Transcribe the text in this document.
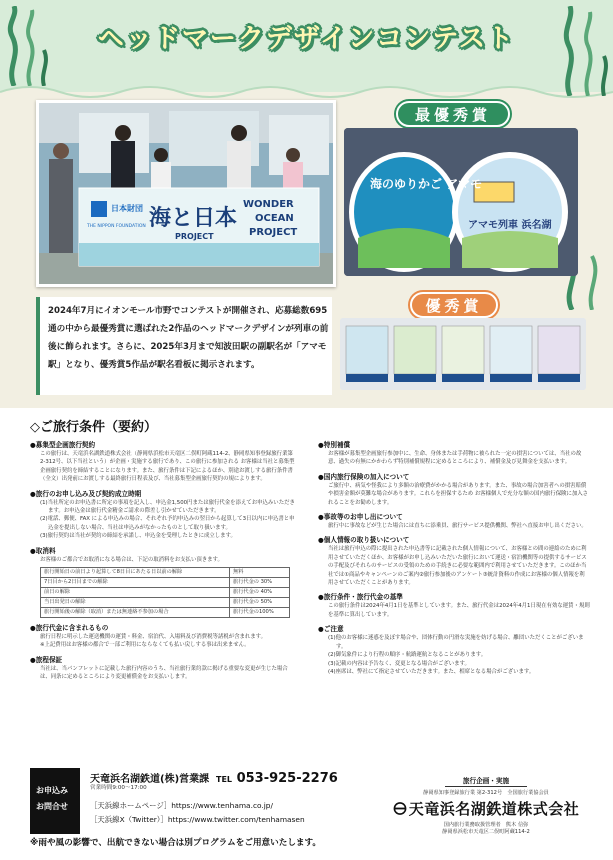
ヘッドマークデザインコンテスト
日本財団
THE NIPPON FOUNDATION 海と日本
PROJECT
WONDER
OCEAN
PROJECT
最優秀賞
海のゆりかご アマモ
アマモ列車 浜名湖
優秀賞

2024年7月にイオンモール市野でコンテストが開催され、応募総数695通の中から最優秀賞に選ばれた2作品のヘッドマークデザインが列車の前後に飾られます。さらに、2025年3月まで知波田駅の副駅名が「アマモ駅」となり、優秀賞5作品が駅名看板に掲示されます。

◇ご旅行条件（要約）
●募集型企画旅行契約
この旅行は、天竜浜名湖鉄道株式会社（静岡県浜松市天竜区二俣町阿蔵114-2、静岡県知事登録旅行業第2-312号、以下当社という）が企画・実施する旅行であり、この旅行に参加される お客様は当社と募集型企画旅行契約を締結することになります。また、旅行条件は下記によるほか、別途お渡しする旅行条件書（全文）出発前にお渡しする最終旅行日程表及び、当社募集型企画旅行契約の規によります。
●旅行のお申し込み及び契約成立時期
(1)当社所定のお申込書に所定の事項を記入し、申込金1,500円または旅行代金を添えてお申込みいただきます。お申込金は旅行代金精金ご請求の際差し引かせていただきます。
(2)電話、郵便、FAX による申込みの場合、それぞれ予約申込みの翌日から起算して3日以内に申込書と申込金を提出しない場合、当社は申込みがなかったものとして取り扱います。
(3)旅行契約は当社が契約の締結を承諾し、申込金を受理したときに成立します。
●取消料
お客様のご都合でお取消になる場合は、下記の取消料をお支払い頂きます。
旅行開始日の前日より起算して8日目にあたる日以前の解除	無料
7日目から2日目までの解除	旅行代金の 30%
前日の解除	旅行代金の 40%
当日出発日の解除	旅行代金の 50%
旅行開始後の解除（取消）または無連絡不参加の場合	旅行代金の100%
●旅行代金に含まれるもの
旅行日程に明示した運送機関の運賃・料金、宿泊代、入場料及び消費税等諸税が含まれます。
※上記費用はお客様の都合で一部ご利用にならなくても払い戻しする事は出来ません。
●旅程保証
当社は、当パンフレットに記載した旅行内容のうち、当社旅行業約款に掲げる重要な変更が生じた場合は、同条に定めるところにより変更補償金をお支払いします。
●特別補償
お客様が募集型企画旅行参加中に、生命、身体または手荷物に被られた一定の損害については、当社の故意、過失の有無にかかわらず特別補償規程に定めるところにより、補償金及び見舞金を支払います。
●国内旅行保険の加入について
ご旅行中、病気や怪我により多額の治療費がかかる場合があります。また、事故の場合加害者への損害賠償や損害金額が莫難な場合があります。これらを担保するため お客様個人で充分な額の国内旅行保険に加入されることをお勧めします。
●事故等のお申し出について
旅行中に事故などが生じた場合には直ちに添乗員、旅行サービス提供機関、弊社へ直接お申し出ください。
●個人情報の取り扱いについて
当社は旅行申込の際に提出された申込書等に記載された個人情報について、お客様との間の連絡のために利用させていただくほか、お客様がお申し込みいただいた旅行において運送・宿泊機関等の提供するサービスの手配及びそれらのサービスの受領のための手続きに必要な範囲内で利用させていただきます。このほか当社では①商品やキャンペーンのご案内②旅行参加後のアンケート③統計資料の作成にお客様の個人情報を利用させていただくことがあります。
●旅行条件・旅行代金の基準
この旅行条件は2024年4月1日を基準としています。また、旅行代金は2024年4月1日現在有効な運賃・規則を基準に算出しています。
●ご注意
(1)他のお客様に迷惑を及ぼす場合や、団体行動の円滑な実施を妨げる場合、離団いただくことがございます。
(2)御気象件により行程の順序・航路運航となることがあります。
(3)記載の内容は予告なく、変更となる場合がございます。
(4)座席は、弊社にて指定させていただきます。また、相席となる場合がございます。
お申込み お問合せ
天竜浜名湖鉄道(株)営業課
営業時間9:00〜17:00
TEL 053-925-2276
［天浜線ホームページ］https://www.tenhama.co.jp/
［天浜線X（Twitter）］https://www.twitter.com/tenhamasen
旅行企画・実施
静岡県知事登録旅行業 第2-312号　全国旅行業協会員
天竜浜名湖鉄道株式会社
国内旅行業務取扱管理者　熊木 信弥
静岡県浜松市天竜区二俣町阿蔵114-2
※雨や風の影響で、出航できない場合は別プログラムをご用意いたします。
